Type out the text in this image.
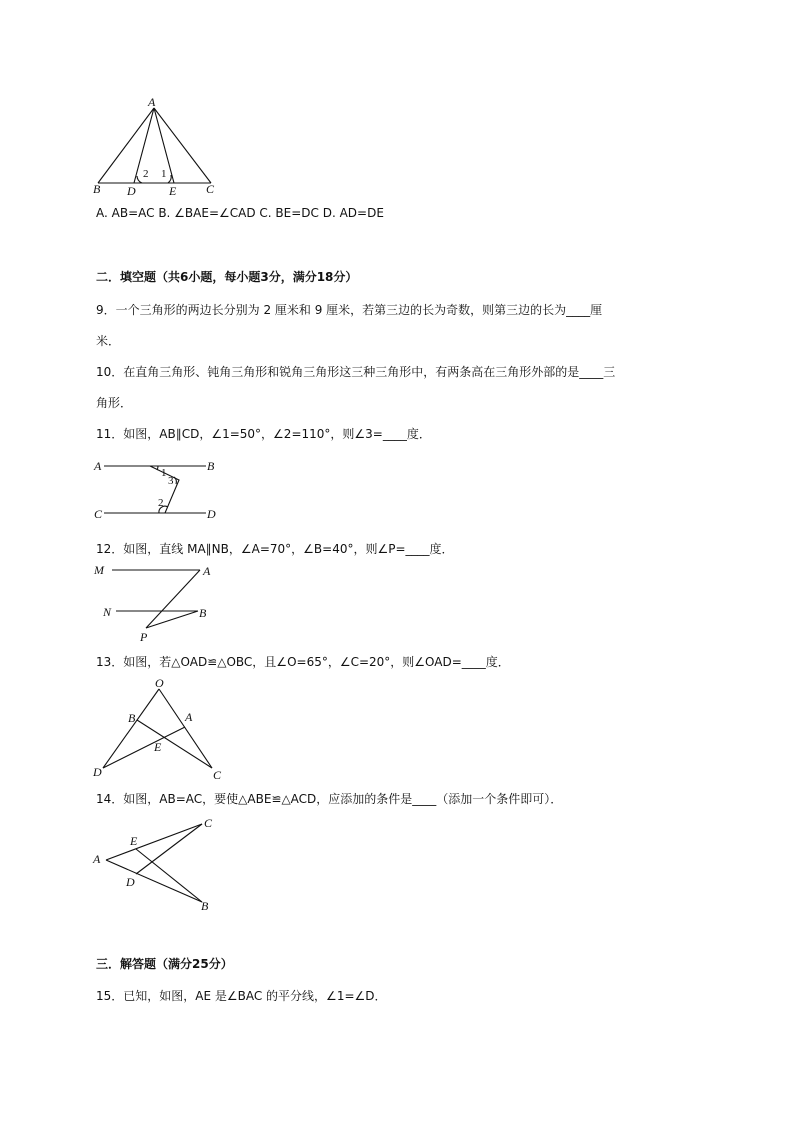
A
B	C
D	E
2 1
A. AB=AC B. ∠BAE=∠CAD C. BE=DC D. AD=DE
二．填空题（共6小题，每小题3分，满分18分）
9．一个三角形的两边长分别为 2 厘米和 9 厘米，若第三边的长为奇数，则第三边的长为____厘
米．
10．在直角三角形、钝角三角形和锐角三角形这三种三角形中，有两条高在三角形外部的是____三
角形．
11．如图，AB∥CD，∠1=50°，∠2=110°，则∠3=____度．
A	B
C	D
1
3
2
12．如图，直线 MA∥NB，∠A=70°，∠B=40°，则∠P=____度．
M	A
N	B
P
13．如图，若△OAD≌△OBC，且∠O=65°，∠C=20°，则∠OAD=____度．
O
B	A
E
D	C
14．如图，AB=AC，要使△ABE≌△ACD，应添加的条件是____（添加一个条件即可）．
C
E
A
D
B
三．解答题（满分25分）
15．已知，如图，AE 是∠BAC 的平分线，∠1=∠D．
